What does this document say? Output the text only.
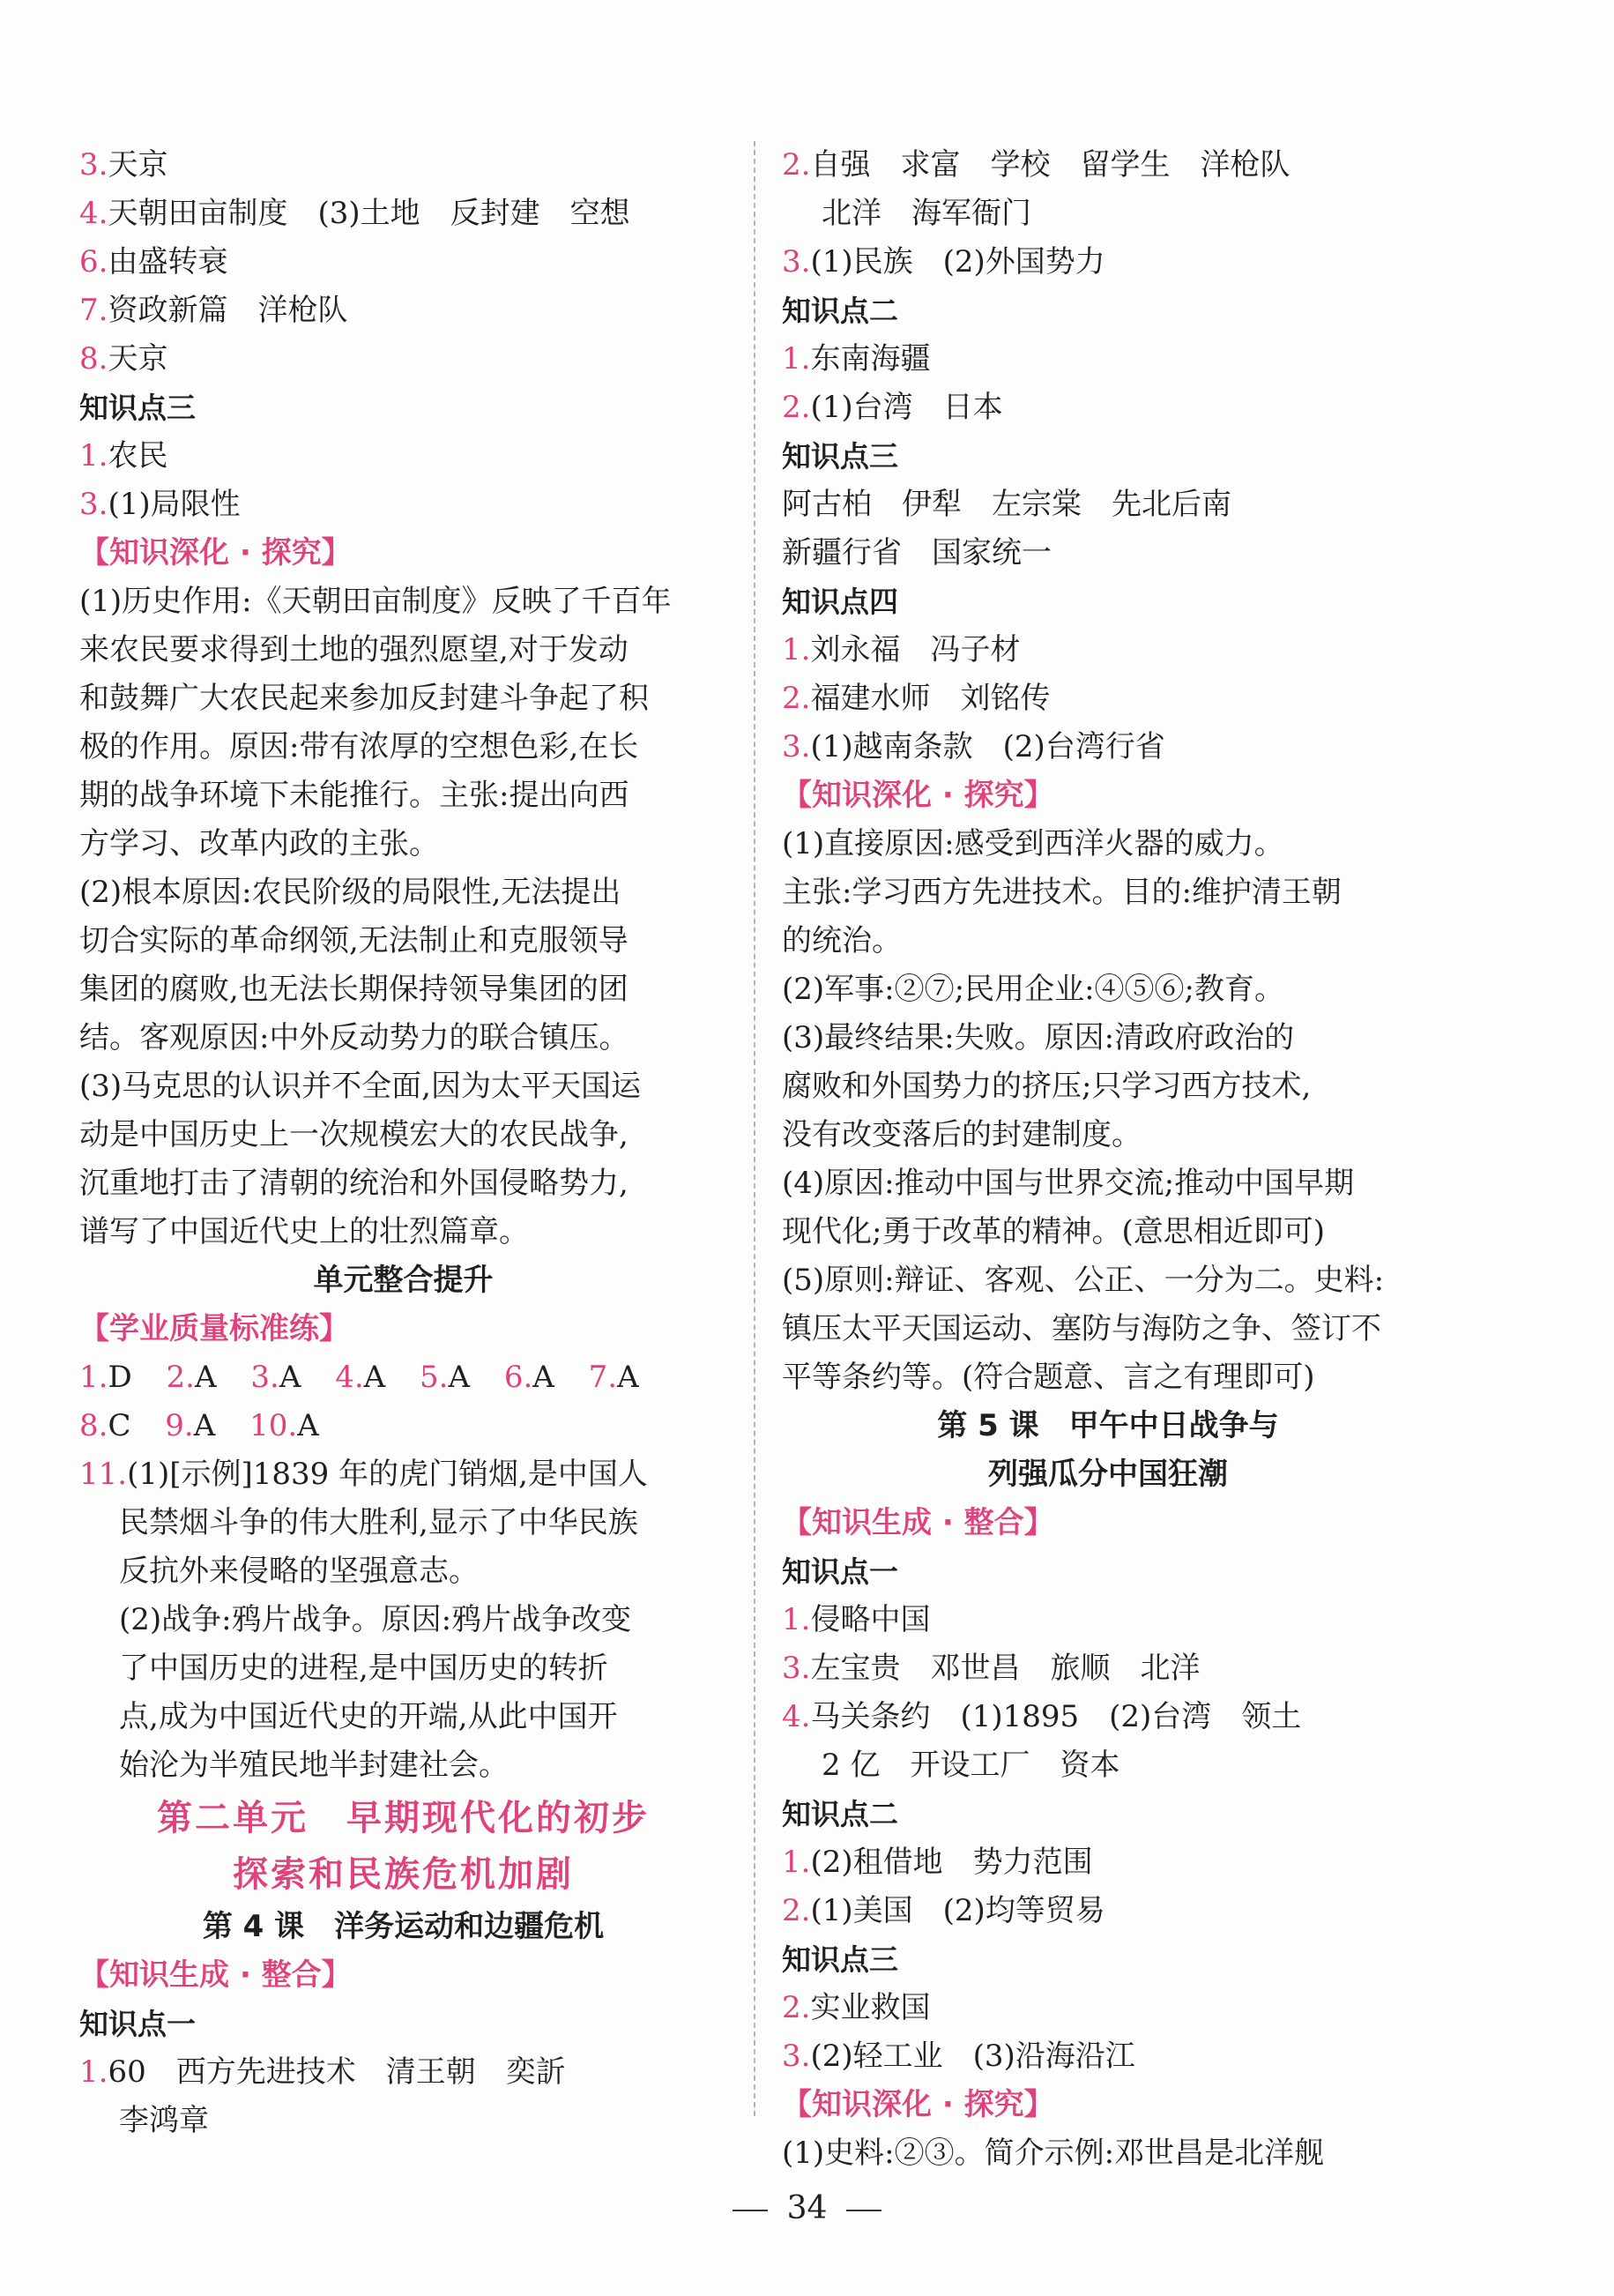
3.天京
4.天朝田亩制度　(3)土地　反封建　空想
6.由盛转衰
7.资政新篇　洋枪队
8.天京
知识点三
1.农民
3.(1)局限性
【知识深化 · 探究】
(1)历史作用:《天朝田亩制度》反映了千百年
来农民要求得到土地的强烈愿望,对于发动
和鼓舞广大农民起来参加反封建斗争起了积
极的作用。原因:带有浓厚的空想色彩,在长
期的战争环境下未能推行。主张:提出向西
方学习、改革内政的主张。
(2)根本原因:农民阶级的局限性,无法提出
切合实际的革命纲领,无法制止和克服领导
集团的腐败,也无法长期保持领导集团的团
结。客观原因:中外反动势力的联合镇压。
(3)马克思的认识并不全面,因为太平天国运
动是中国历史上一次规模宏大的农民战争,
沉重地打击了清朝的统治和外国侵略势力,
谱写了中国近代史上的壮烈篇章。
单元整合提升
【学业质量标准练】
1.D 2.A 3.A 4.A 5.A 6.A 7.A
8.C 9.A 10.A
11.(1)[示例]1839 年的虎门销烟,是中国人
民禁烟斗争的伟大胜利,显示了中华民族
反抗外来侵略的坚强意志。
(2)战争:鸦片战争。原因:鸦片战争改变
了中国历史的进程,是中国历史的转折
点,成为中国近代史的开端,从此中国开
始沦为半殖民地半封建社会。
第二单元　早期现代化的初步
探索和民族危机加剧
第 4 课　洋务运动和边疆危机
【知识生成 · 整合】
知识点一
1.60　西方先进技术　清王朝　奕訢
李鸿章
2.自强　求富　学校　留学生　洋枪队
北洋　海军衙门
3.(1)民族　(2)外国势力
知识点二
1.东南海疆
2.(1)台湾　日本
知识点三
阿古柏　伊犁　左宗棠　先北后南
新疆行省　国家统一
知识点四
1.刘永福　冯子材
2.福建水师　刘铭传
3.(1)越南条款　(2)台湾行省
【知识深化 · 探究】
(1)直接原因:感受到西洋火器的威力。
主张:学习西方先进技术。目的:维护清王朝
的统治。
(2)军事:②⑦;民用企业:④⑤⑥;教育。
(3)最终结果:失败。原因:清政府政治的
腐败和外国势力的挤压;只学习西方技术,
没有改变落后的封建制度。
(4)原因:推动中国与世界交流;推动中国早期
现代化;勇于改革的精神。(意思相近即可)
(5)原则:辩证、客观、公正、一分为二。史料:
镇压太平天国运动、塞防与海防之争、签订不
平等条约等。(符合题意、言之有理即可)
第 5 课　甲午中日战争与
列强瓜分中国狂潮
【知识生成 · 整合】
知识点一
1.侵略中国
3.左宝贵　邓世昌　旅顺　北洋
4.马关条约　(1)1895　(2)台湾　领土
2 亿　开设工厂　资本
知识点二
1.(2)租借地　势力范围
2.(1)美国　(2)均等贸易
知识点三
2.实业救国
3.(2)轻工业　(3)沿海沿江
【知识深化 · 探究】
(1)史料:②③。简介示例:邓世昌是北洋舰
34
